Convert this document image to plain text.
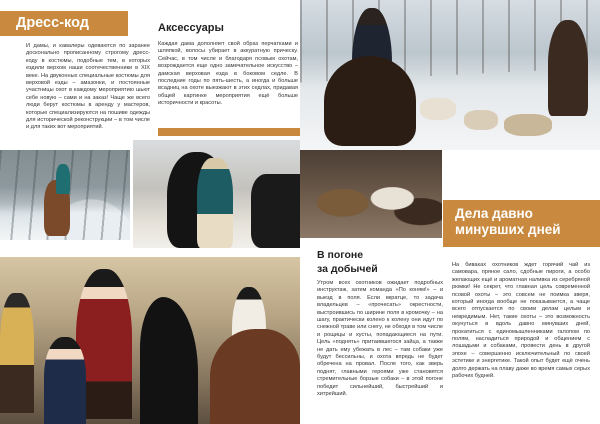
Дресс-код
И дамы, и кавалеры одеваются по заранее досконально прописанному строгому дресс-коду в костюмы, подобные тем, в которых ездили верхом наши соотечественники в XIX веке. На двуконных специальные костюмы для верховой езды – амазонки, и постоянные участницы охот в каждому мероприятию шьют себе новую – сами и на заказ! Чаще же всего люди берут костюмы в аренду у мастеров, которые специализируются на пошиве одежды для исторической реконструкции – в том числе и для таких вот мероприятий.
Аксессуары
Каждая дама дополняет свой образ перчатками и шляпкой, волосы убирает в аккуратную прическу. Сейчас, в том числе и благодаря псовым охотам, возрождается еще одно замечательное искусство – дамская верховая езда в боковом седле. В последние годы по пять-шесть, а иногда и больше всадниц на охоте выезжают в этих седлах, придавая общей картинке мероприятия ещё больше историчности и красоты.
Дела давно
минувших дней
В погоне
за добычей
Утром всех охотников ожидает подробных инструктаж, затем команда «По коням!» – и выезд в поля. Если вкратце, то задача владельцев – «прочесать» окрестности, выстроившись по ширине поля в кромочку – на шагу, практически колено к колену они идут по снежной траве или снегу, не обходя в том числе и рощицы и кусты, попадающиеся на пути. Цель «поднять» притаившегося зайца, а также не дать ему убежать в лес – там собаки уже будут бессильны, и охота впредь не будет обречена на провал. После того, как зверь поднят, главными героями уже становятся стремительные борзые собаки – в этой погоне победит сильнейший, быстрейший и хитрейший.
На биваках охотников ждет горячий чай из самовара, пряное сало, сдобные пироги, а особо желающих ещё и ароматная наливка из серебряной рюмки! Не секрет, что главная цель современной псовой охоты – это совсем не поимка зверя, который иногда вообще не показывается, а чаще всего отпускается по своим делам целым и невредимым. Нет, такие охоты – это возможность окунуться в вдоль давно минувших дней, прокатиться с единомышленниками галопом по полям, насладиться природой и общением с лошадьми и собаками, провести день в другой эпохе – совершенно исключительный по своей эстетике и энергетике. Такой опыт будет ещё очень долго держать на плаву даже во время самых серых рабочих будней.
